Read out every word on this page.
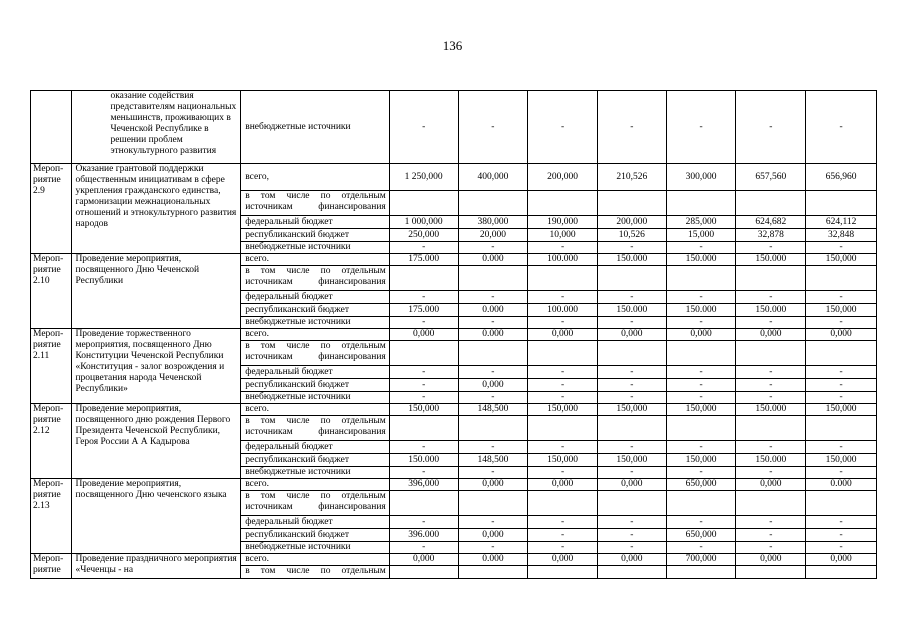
136
	оказание содействия представителям национальных меньшинств, проживающих в Чеченской Республике в решении проблем этнокультурного развития	внебюджетные источники	-	-	-	-	-	-	-
Мероприятие 2.9	Оказание грантовой поддержки общественным инициативам в сфере укрепления гражданского единства, гармонизации межнациональных отношений и этнокультурного развития народов	всего,	1 250,000	400,000	200,000	210,526	300,000	657,560	656,960
		в том числе по отдельным источникам финансирования							
		федеральный бюджет	1 000,000	380,000	190,000	200,000	285,000	624,682	624,112
		республиканский бюджет	250,000	20,000	10,000	10,526	15,000	32,878	32,848
		внебюджетные источники	-	-	-	-	-	-	-
Мероприятие 2.10	Проведение мероприятия, посвященного Дню Чеченской Республики	всего.	175.000	0.000	100.000	150.000	150.000	150.000	150,000
		в том числе по отдельным источникам финансирования							
		федеральный бюджет	-	-	-	-	-	-	-
		республиканский бюджет	175.000	0.000	100.000	150.000	150.000	150.000	150,000
		внебюджетные источники	-	-	-	-	-	-	-
Мероприятие 2.11	Проведение торжественного мероприятия, посвященного Дню Конституции Чеченской Республики «Конституция - залог возрождения и процветания народа Чеченской Республики»	всего.	0,000	0.000	0,000	0,000	0,000	0,000	0,000
		в том числе по отдельным источникам финансирования							
		федеральный бюджет	-	-	-	-	-	-	-
		республиканский бюджет	-	0,000	-	-	-	-	-
		внебюджетные источники	-	-	-	-	-	-	-
Мероприятие 2.12	Проведение мероприятия, посвященного дню рождения Первого Президента Чеченской Республики, Героя России А А Кадырова	всего.	150,000	148,500	150,000	150,000	150,000	150.000	150,000
		в том числе по отдельным источникам финансирования							
		федеральный бюджет	-	-	-	-	-	-	-
		республиканский бюджет	150.000	148,500	150,000	150,000	150,000	150.000	150,000
		внебюджетные источники	-	-	-	-	-	-	-
Мероприятие 2.13	Проведение мероприятия, посвященного Дню чеченского языка	всего.	396,000	0,000	0,000	0,000	650,000	0,000	0.000
		в том числе по отдельным источникам финансирования							
		федеральный бюджет	-	-	-	-	-	-	-
		республиканский бюджет	396.000	0,000	-	-	650,000	-	-
		внебюджетные источники	-	-	-	-	-	-	-
Мероприятие	Проведение праздничного мероприятия «Чеченцы - на	всего.	0,000	0.000	0,000	0,000	700,000	0,000	0,000
		в том числе по отдельным							
